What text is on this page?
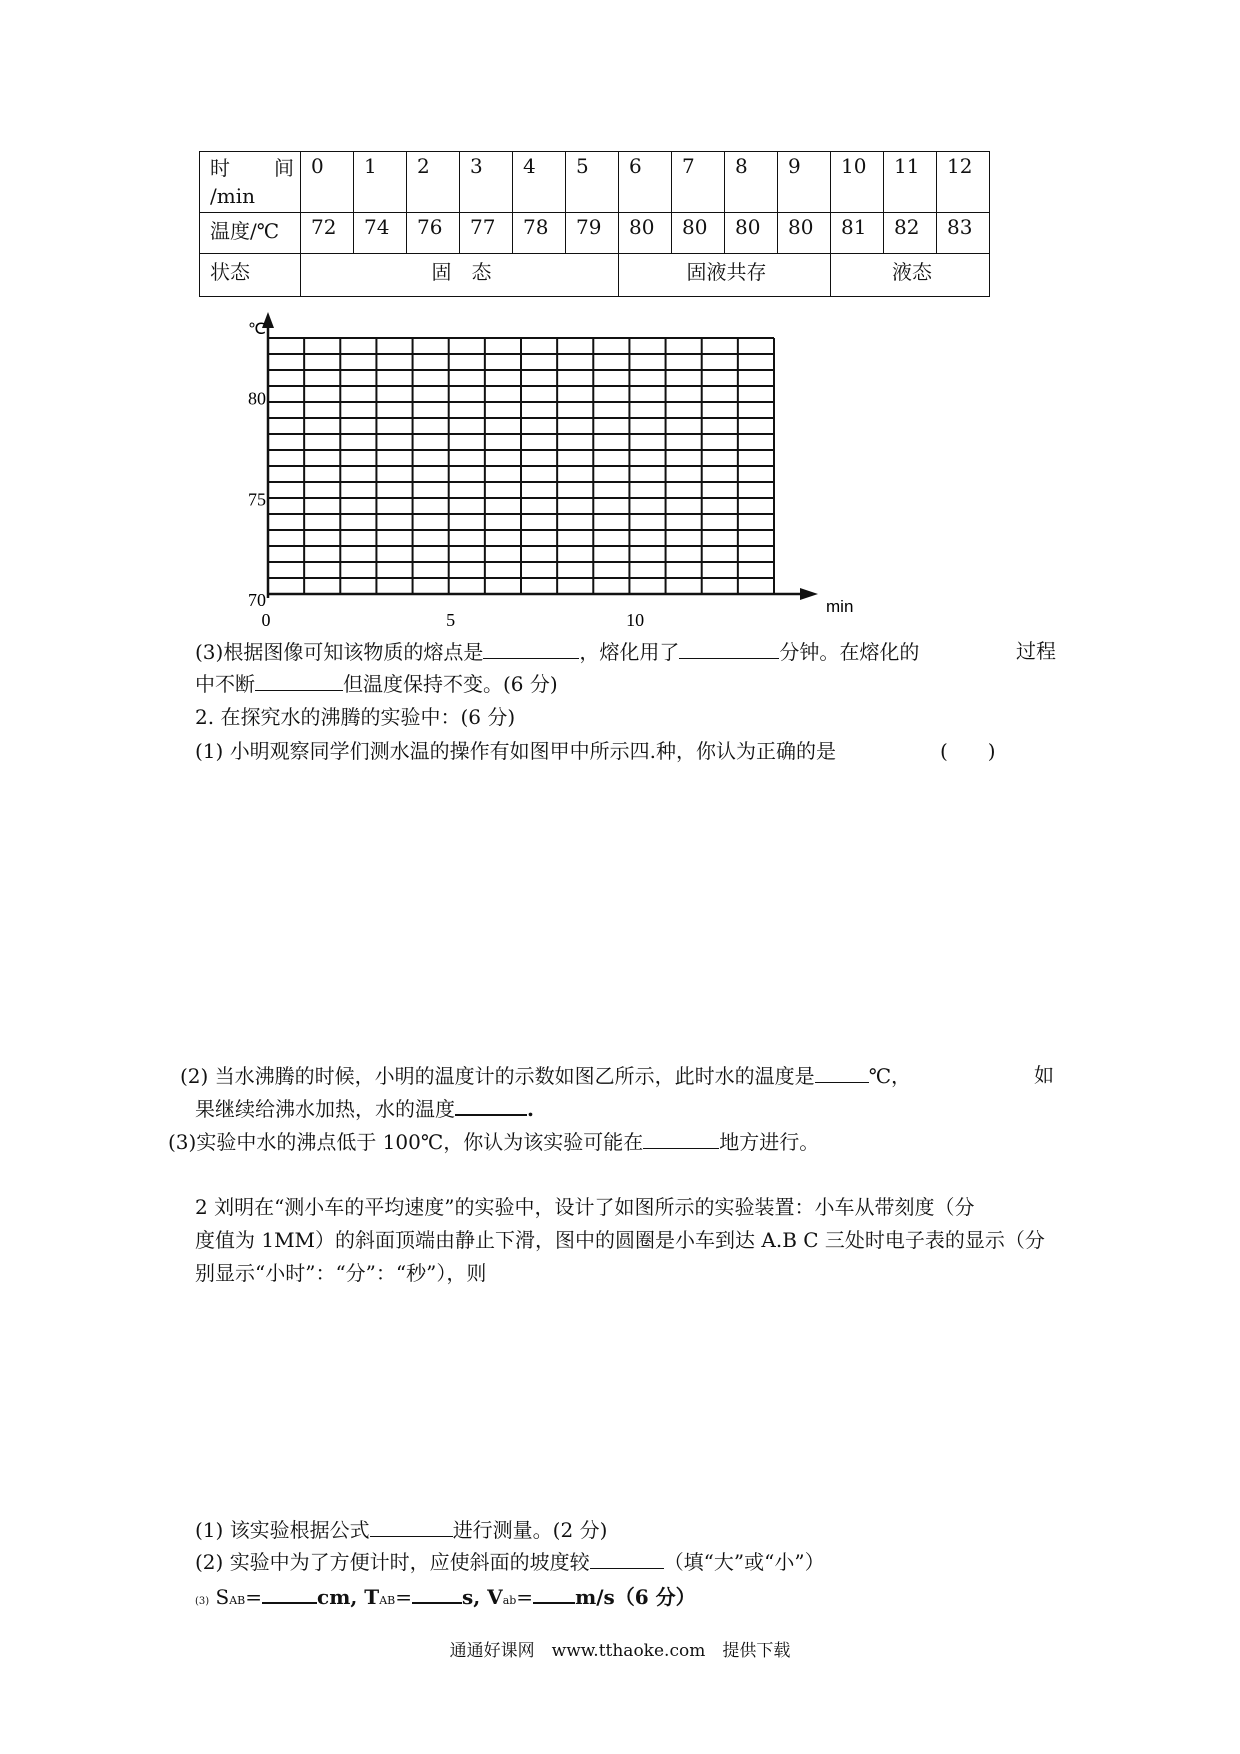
时 间
/min	0	1	2	3	4	5	6	7	8	9	10	11	12
温度/℃	72	74	76	77	78	79	80	80	80	80	81	82	83
状态	固　态						固液共存				液态		
℃
min
70
75
80
0	5	10
(3)根据图像可知该物质的熔点是	，熔化用了	分钟。在熔化的	过程
中不断	但温度保持不变。(6 分)
2. 在探究水的沸腾的实验中：(6 分)
(1) 小明观察同学们测水温的操作有如图甲中所示四.种，你认为正确的是	(　　)
(2) 当水沸腾的时候，小明的温度计的示数如图乙所示，此时水的温度是	℃，	如
果继续给沸水加热，水的温度	.
(3)实验中水的沸点低于 100℃，你认为该实验可能在	地方进行。
2 刘明在“测小车的平均速度”的实验中，设计了如图所示的实验装置：小车从带刻度（分
度值为 1MM）的斜面顶端由静止下滑，图中的圆圈是小车到达 A.B C 三处时电子表的显示（分
别显示“小时”：“分”：“秒”），则
(1) 该实验根据公式	进行测量。(2 分)
(2) 实验中为了方便计时，应使斜面的坡度较	（填“大”或“小”）
(3) SAB=	cm, TAB=	s, Vab= m/s（6 分）
通通好课网　www.tthaoke.com　提供下载
